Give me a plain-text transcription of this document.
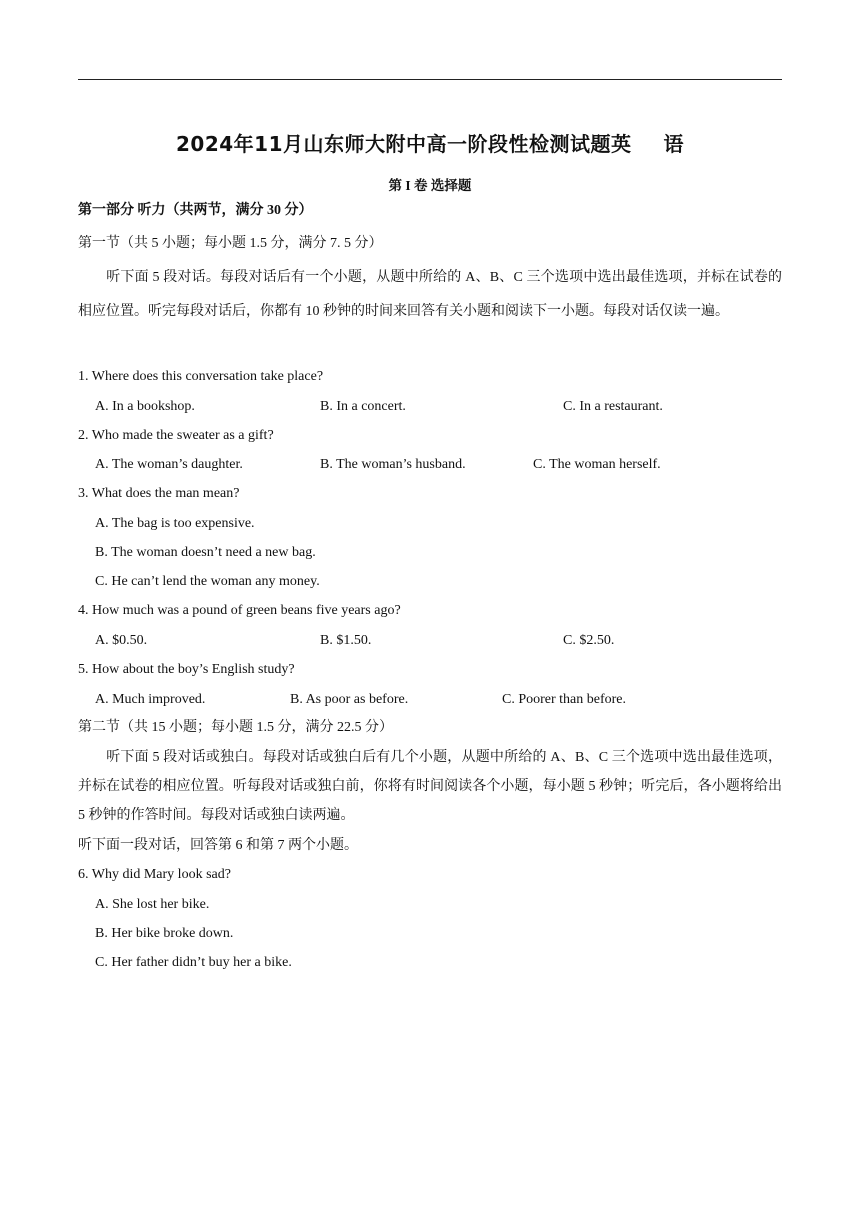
2024年11月山东师大附中高一阶段性检测试题英 语
第 I 卷 选择题
第一部分 听力（共两节，满分 30 分）
第一节（共 5 小题；每小题 1.5 分，满分 7. 5 分）
听下面 5 段对话。每段对话后有一个小题，从题中所给的 A、B、C 三个选项中选出最佳选项，并标在试卷的相应位置。听完每段对话后，你都有 10 秒钟的时间来回答有关小题和阅读下一小题。每段对话仅读一遍。
1. Where does this conversation take place?
A. In a bookshop.	B. In a concert.	C. In a restaurant.
2. Who made the sweater as a gift?
A. The woman’s daughter.	B. The woman’s husband.	C. The woman herself.
3. What does the man mean?
A. The bag is too expensive.
B. The woman doesn’t need a new bag.
C. He can’t lend the woman any money.
4. How much was a pound of green beans five years ago?
A. $0.50.	B. $1.50.	C. $2.50.
5. How about the boy’s English study?
A. Much improved.	B. As poor as before.	C. Poorer than before.
第二节（共 15 小题；每小题 1.5 分，满分 22.5 分）
听下面 5 段对话或独白。每段对话或独白后有几个小题，从题中所给的 A、B、C 三个选项中选出最佳选项，并标在试卷的相应位置。听每段对话或独白前，你将有时间阅读各个小题，每小题 5 秒钟；听完后，各小题将给出 5 秒钟的作答时间。每段对话或独白读两遍。
听下面一段对话，回答第 6 和第 7 两个小题。
6. Why did Mary look sad?
A. She lost her bike.
B. Her bike broke down.
C. Her father didn’t buy her a bike.
